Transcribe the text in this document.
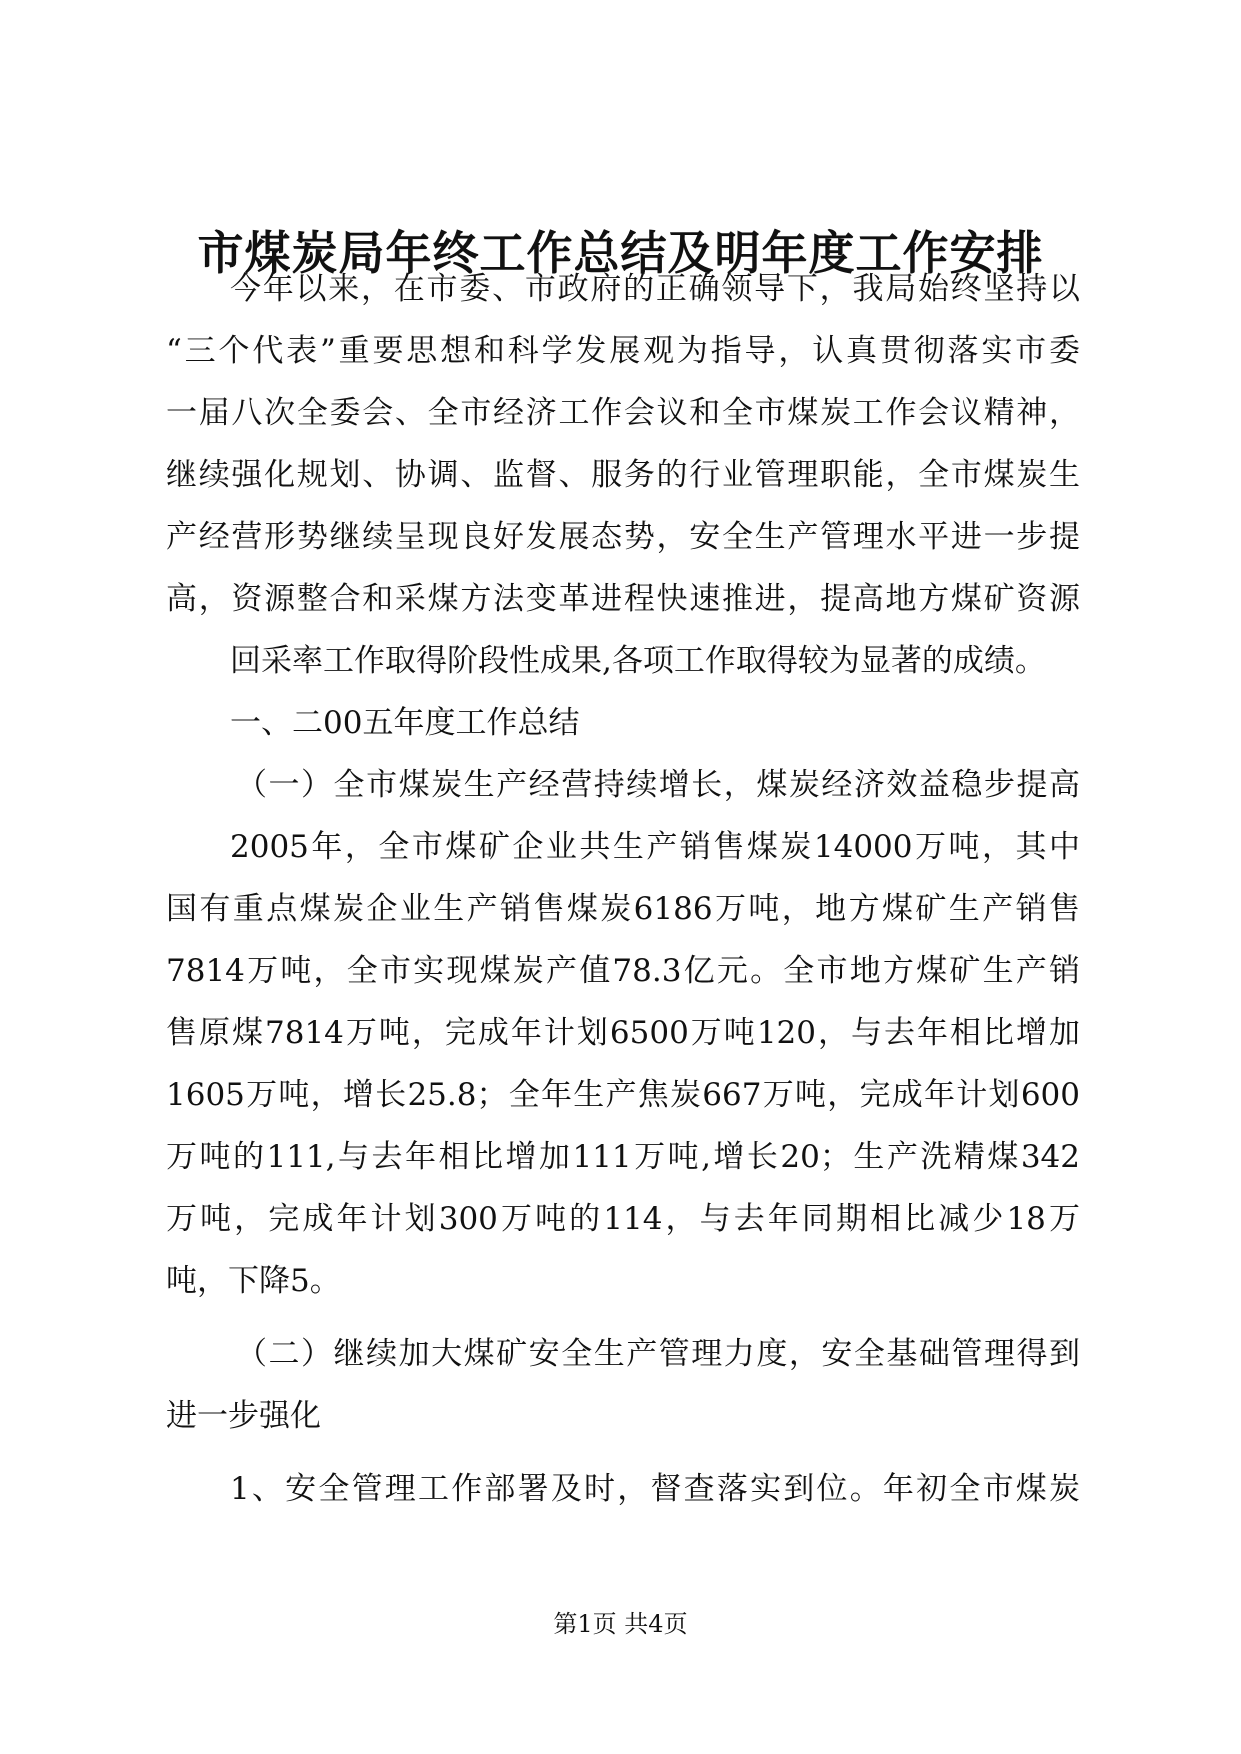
市煤炭局年终工作总结及明年度工作安排
今年以来，在市委、市政府的正确领导下，我局始终坚持以
“三个代表”重要思想和科学发展观为指导，认真贯彻落实市委
一届八次全委会、全市经济工作会议和全市煤炭工作会议精神，
继续强化规划、协调、监督、服务的行业管理职能，全市煤炭生
产经营形势继续呈现良好发展态势，安全生产管理水平进一步提
高，资源整合和采煤方法变革进程快速推进，提高地方煤矿资源
回采率工作取得阶段性成果,各项工作取得较为显著的成绩。
一、二00五年度工作总结
（一）全市煤炭生产经营持续增长，煤炭经济效益稳步提高
2005年，全市煤矿企业共生产销售煤炭14000万吨，其中
国有重点煤炭企业生产销售煤炭6186万吨，地方煤矿生产销售
7814万吨，全市实现煤炭产值78.3亿元。全市地方煤矿生产销
售原煤7814万吨，完成年计划6500万吨120，与去年相比增加
1605万吨，增长25.8；全年生产焦炭667万吨，完成年计划600
万吨的111,与去年相比增加111万吨,增长20；生产洗精煤342
万吨，完成年计划300万吨的114，与去年同期相比减少18万
吨，下降5。
（二）继续加大煤矿安全生产管理力度，安全基础管理得到
进一步强化
1、安全管理工作部署及时，督查落实到位。年初全市煤炭
第1页 共4页
